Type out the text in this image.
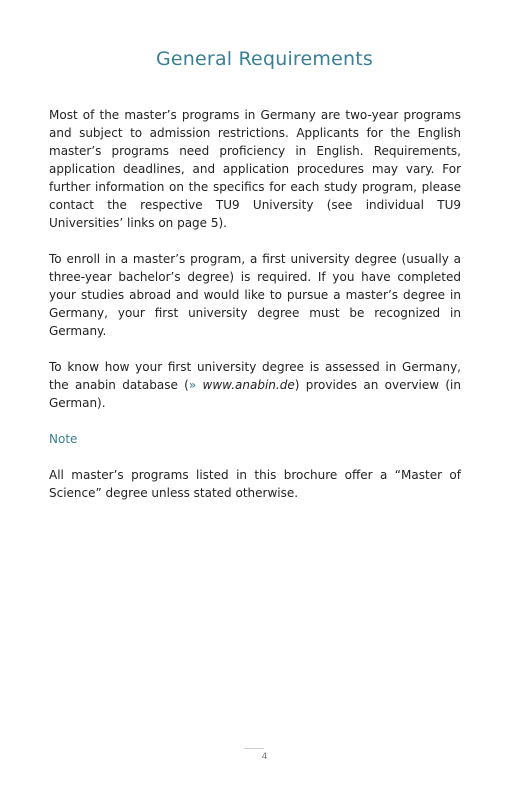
General Requirements

Most of the master’s programs in Germany are two-year programs and subject to admission restrictions. Applicants for the English master’s programs need proficiency in English. Requirements, application deadlines, and application procedures may vary. For further information on the specifics for each study program, please contact the respective TU9 University (see individual TU9 Universities’ links on page 5).

To enroll in a master’s program, a first university degree (usually a three-year bachelor’s degree) is required. If you have completed your studies abroad and would like to pursue a master’s degree in Germany, your first university degree must be recognized in Germany.

To know how your first university degree is assessed in Germany, the anabin database (» www.anabin.de) provides an overview (in German).

Note

All master’s programs listed in this brochure offer a “Master of Science” degree unless stated otherwise.

4
